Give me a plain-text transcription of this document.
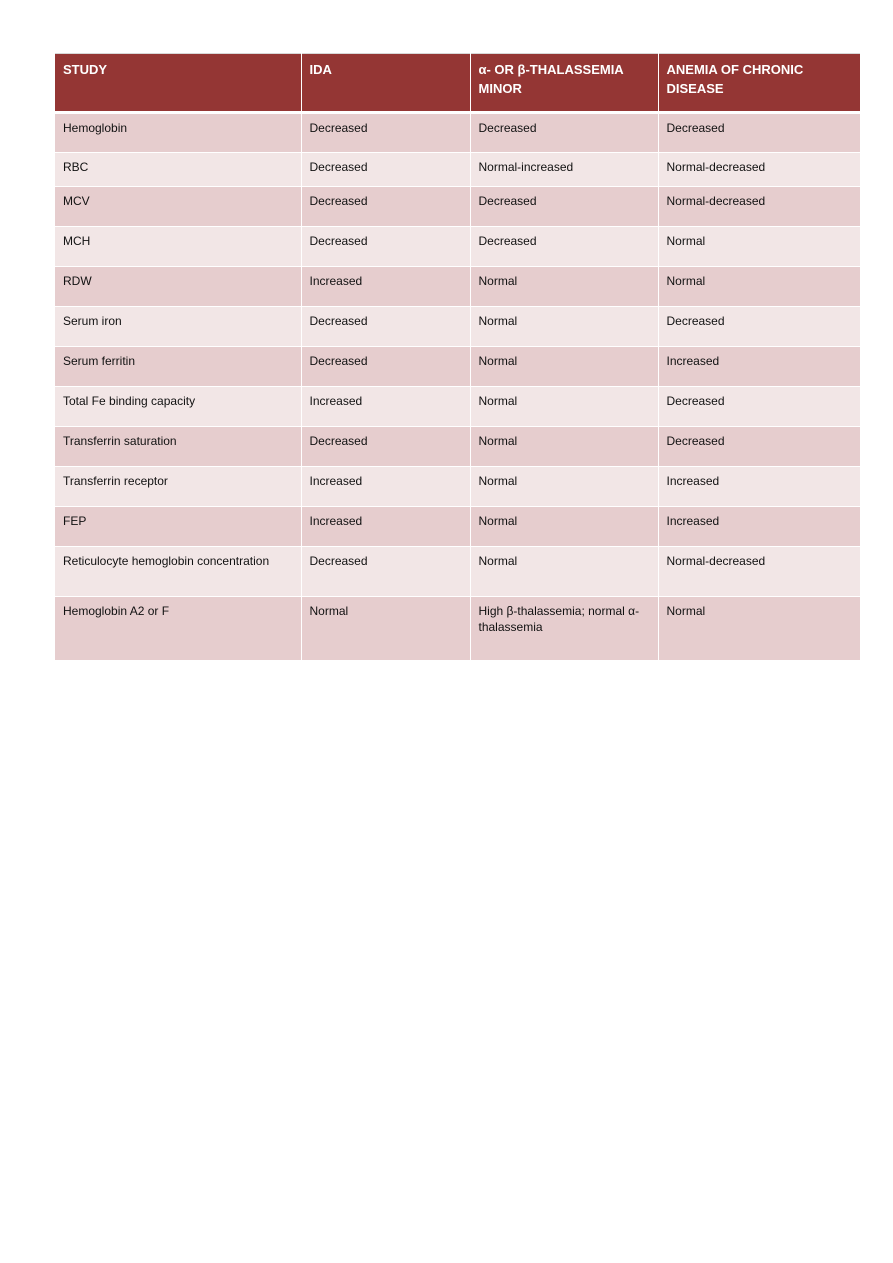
STUDY	IDA	α- OR β-THALASSEMIA MINOR	ANEMIA OF CHRONIC DISEASE
Hemoglobin	Decreased	Decreased	Decreased
RBC	Decreased	Normal-increased	Normal-decreased
MCV	Decreased	Decreased	Normal-decreased
MCH	Decreased	Decreased	Normal
RDW	Increased	Normal	Normal
Serum iron	Decreased	Normal	Decreased
Serum ferritin	Decreased	Normal	Increased
Total Fe binding capacity	Increased	Normal	Decreased
Transferrin saturation	Decreased	Normal	Decreased
Transferrin receptor	Increased	Normal	Increased
FEP	Increased	Normal	Increased
Reticulocyte hemoglobin concentration	Decreased	Normal	Normal-decreased
Hemoglobin A2 or F	Normal	High β-thalassemia; normal α-thalassemia	Normal
